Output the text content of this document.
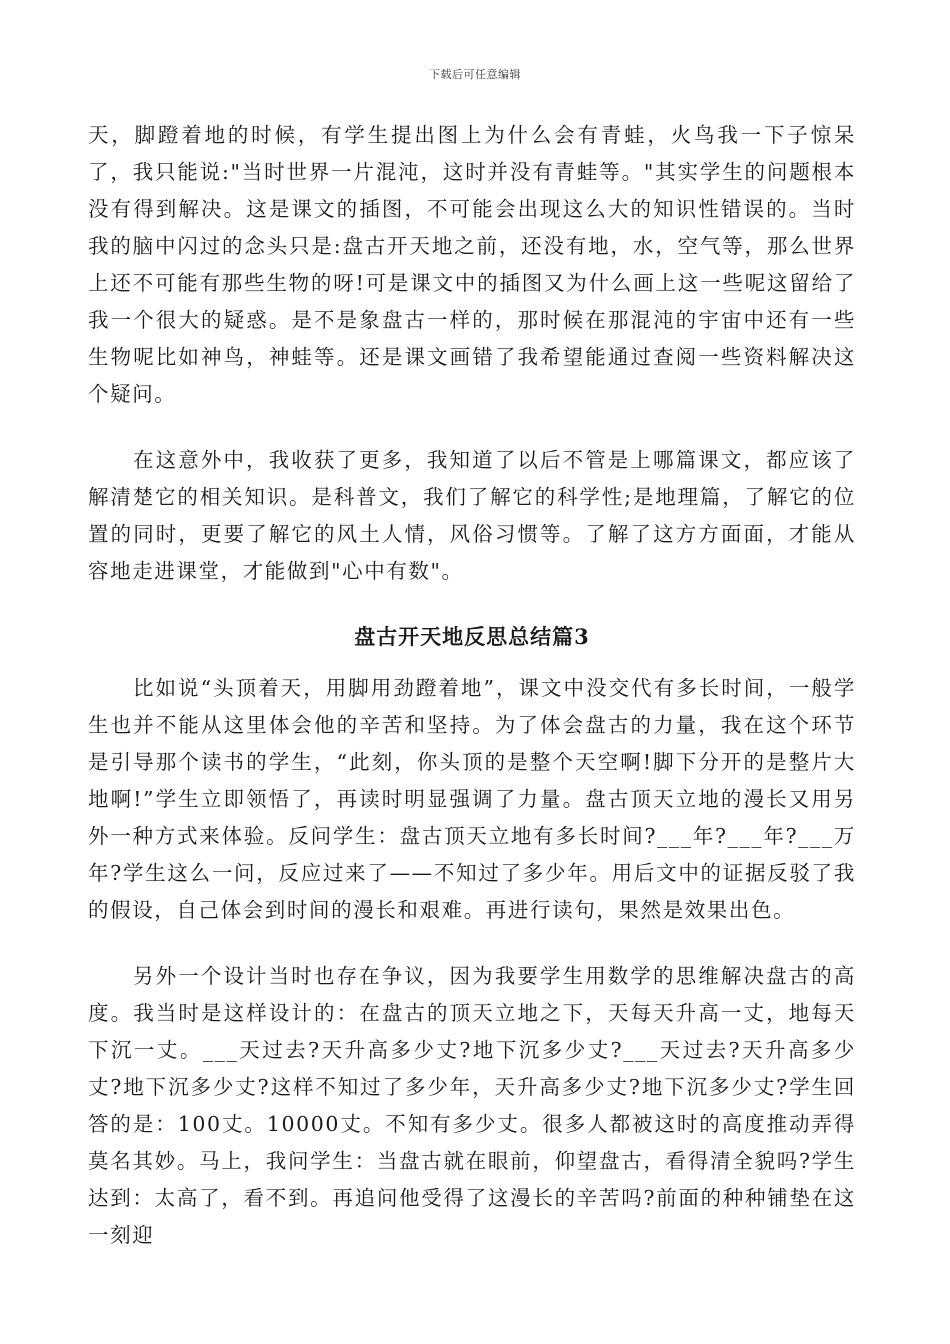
下载后可任意编辑

天，脚蹬着地的时候，有学生提出图上为什么会有青蛙，火鸟我一下子惊呆了，我只能说:"当时世界一片混沌，这时并没有青蛙等。"其实学生的问题根本没有得到解决。这是课文的插图，不可能会出现这么大的知识性错误的。当时我的脑中闪过的念头只是:盘古开天地之前，还没有地，水，空气等，那么世界上还不可能有那些生物的呀!可是课文中的插图又为什么画上这一些呢这留给了我一个很大的疑惑。是不是象盘古一样的，那时候在那混沌的宇宙中还有一些生物呢比如神鸟，神蛙等。还是课文画错了我希望能通过查阅一些资料解决这个疑问。

在这意外中，我收获了更多，我知道了以后不管是上哪篇课文，都应该了解清楚它的相关知识。是科普文，我们了解它的科学性;是地理篇，了解它的位置的同时，更要了解它的风土人情，风俗习惯等。了解了这方方面面，才能从容地走进课堂，才能做到"心中有数"。

盘古开天地反思总结篇3

比如说“头顶着天，用脚用劲蹬着地”，课文中没交代有多长时间，一般学生也并不能从这里体会他的辛苦和坚持。为了体会盘古的力量，我在这个环节是引导那个读书的学生，“此刻，你头顶的是整个天空啊!脚下分开的是整片大地啊!”学生立即领悟了，再读时明显强调了力量。盘古顶天立地的漫长又用另外一种方式来体验。反问学生：盘古顶天立地有多长时间?___年?___年?___万年?学生这么一问，反应过来了——不知过了多少年。用后文中的证据反驳了我的假设，自己体会到时间的漫长和艰难。再进行读句，果然是效果出色。

另外一个设计当时也存在争议，因为我要学生用数学的思维解决盘古的高度。我当时是这样设计的：在盘古的顶天立地之下，天每天升高一丈，地每天下沉一丈。___天过去?天升高多少丈?地下沉多少丈?___天过去?天升高多少丈?地下沉多少丈?这样不知过了多少年，天升高多少丈?地下沉多少丈?学生回答的是：100丈。10000丈。不知有多少丈。很多人都被这时的高度推动弄得莫名其妙。马上，我问学生：当盘古就在眼前，仰望盘古，看得清全貌吗?学生达到：太高了，看不到。再追问他受得了这漫长的辛苦吗?前面的种种铺垫在这一刻迎
